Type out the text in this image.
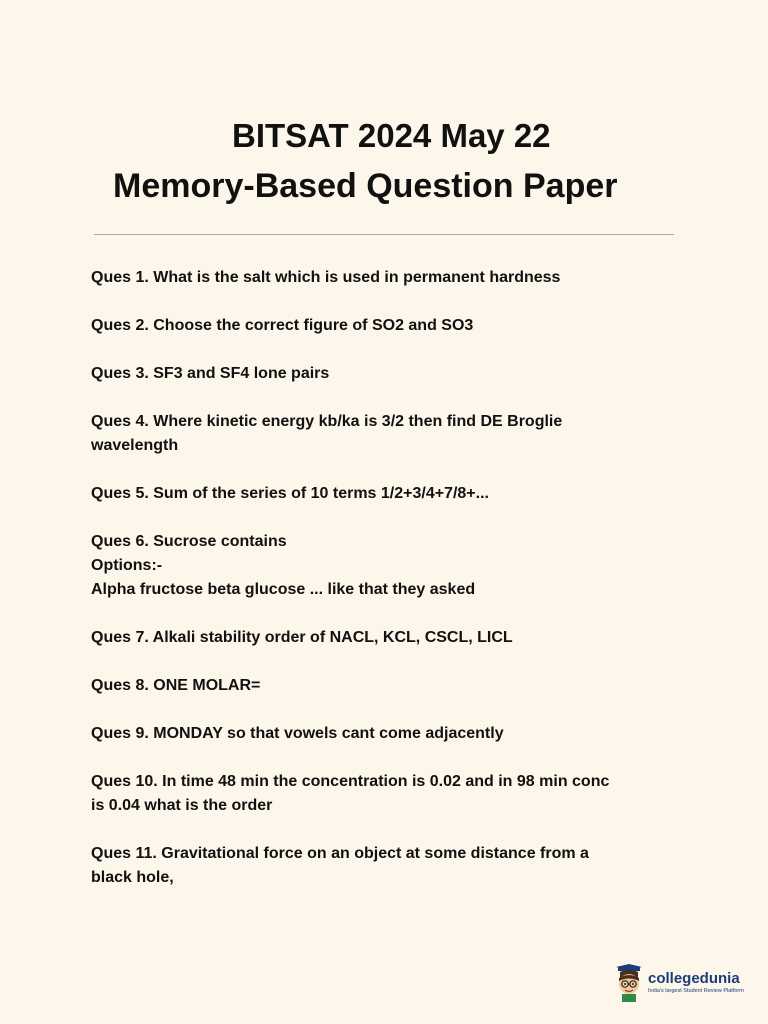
BITSAT 2024 May 22
Memory-Based Question Paper
Ques 1. What is the salt which is used in permanent hardness
Ques 2. Choose the correct figure of SO2 and SO3
Ques 3. SF3 and SF4 lone pairs
Ques 4. Where kinetic energy kb/ka is 3/2 then find DE Broglie
wavelength
Ques 5. Sum of the series of 10 terms 1/2+3/4+7/8+...
Ques 6. Sucrose contains
Options:-
Alpha fructose beta glucose ... like that they asked
Ques 7. Alkali stability order of NACL, KCL, CSCL, LICL
Ques 8. ONE MOLAR=
Ques 9. MONDAY so that vowels cant come adjacently
Ques 10. In time 48 min the concentration is 0.02 and in 98 min conc
is 0.04 what is the order
Ques 11. Gravitational force on an object at some distance from a
black hole,
collegedunia
India's largest Student Review Platform
